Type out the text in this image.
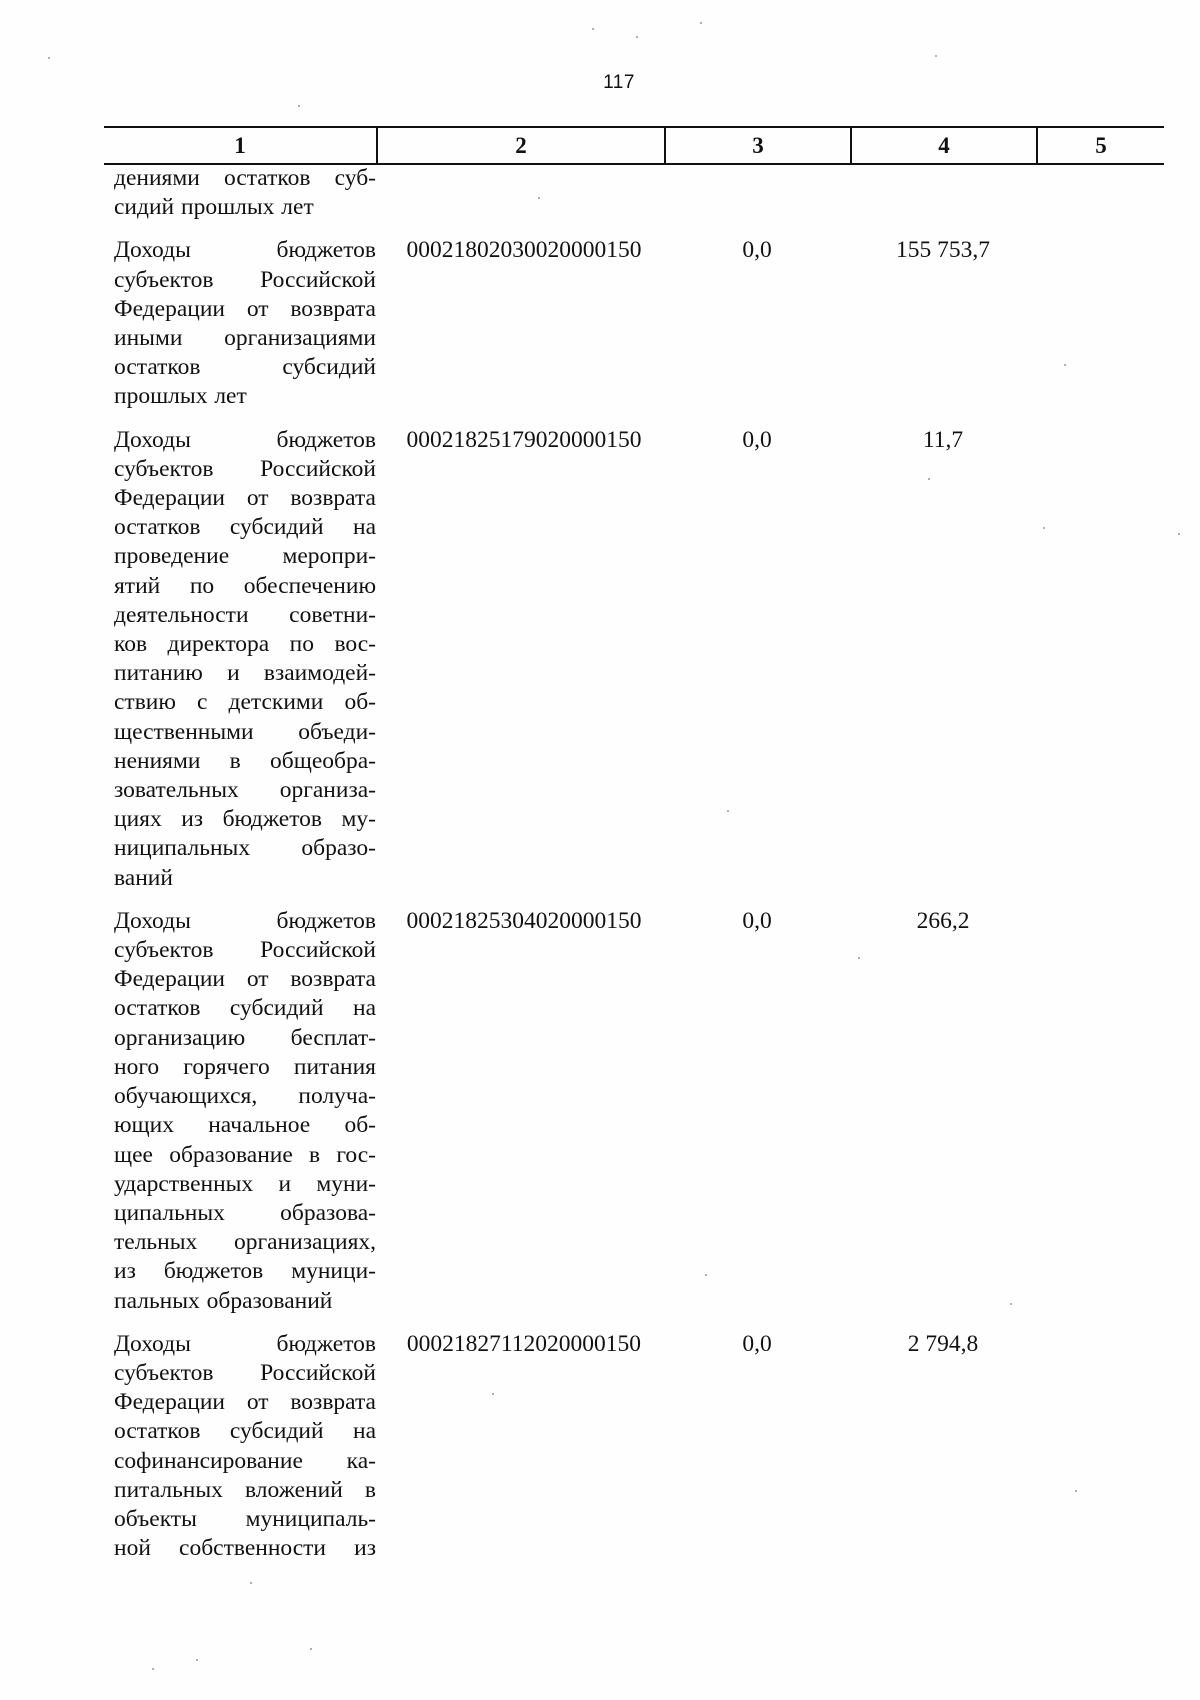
117
1	2	3	4	5
дениями остатков суб-
сидий прошлых лет
Доходы бюджетов
субъектов Российской
Федерации от возврата
иными организациями
остатков субсидий
прошлых лет
00021802030020000150	0,0	155 753,7
Доходы бюджетов
субъектов Российской
Федерации от возврата
остатков субсидий на
проведение меропри-
ятий по обеспечению
деятельности советни-
ков директора по вос-
питанию и взаимодей-
ствию с детскими об-
щественными объеди-
нениями в общеобра-
зовательных организа-
циях из бюджетов му-
ниципальных образо-
ваний
00021825179020000150	0,0	11,7
Доходы бюджетов
субъектов Российской
Федерации от возврата
остатков субсидий на
организацию бесплат-
ного горячего питания
обучающихся, получа-
ющих начальное об-
щее образование в гос-
ударственных и муни-
ципальных образова-
тельных организациях,
из бюджетов муници-
пальных образований
00021825304020000150	0,0	266,2
Доходы бюджетов
субъектов Российской
Федерации от возврата
остатков субсидий на
софинансирование ка-
питальных вложений в
объекты муниципаль-
ной собственности из
00021827112020000150	0,0	2 794,8
